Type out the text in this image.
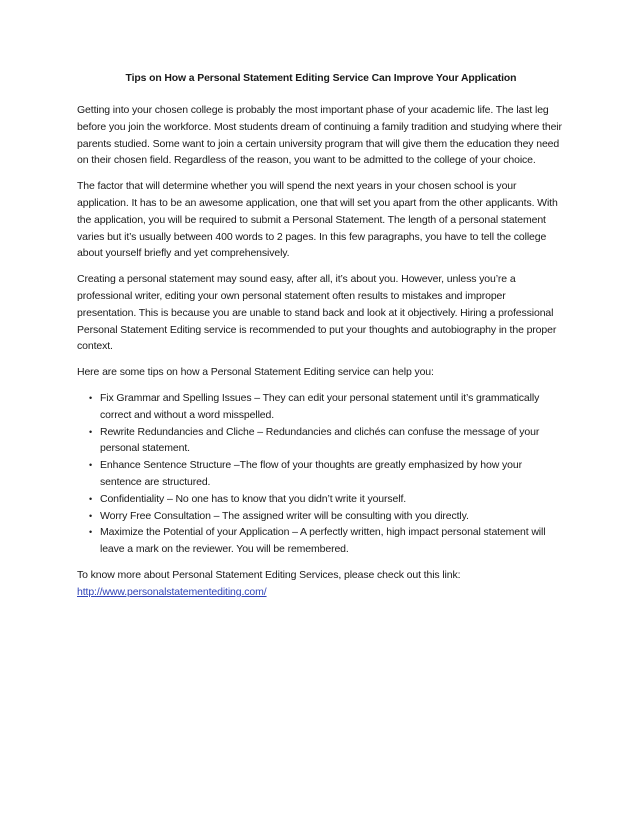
Tips on How a Personal Statement Editing Service Can Improve Your Application

Getting into your chosen college is probably the most important phase of your academic life. The last leg before you join the workforce. Most students dream of continuing a family tradition and studying where their parents studied. Some want to join a certain university program that will give them the education they need on their chosen field. Regardless of the reason, you want to be admitted to the college of your choice.

The factor that will determine whether you will spend the next years in your chosen school is your application. It has to be an awesome application, one that will set you apart from the other applicants. With the application, you will be required to submit a Personal Statement. The length of a personal statement varies but it’s usually between 400 words to 2 pages. In this few paragraphs, you have to tell the college about yourself briefly and yet comprehensively.

Creating a personal statement may sound easy, after all, it’s about you. However, unless you’re a professional writer, editing your own personal statement often results to mistakes and improper presentation. This is because you are unable to stand back and look at it objectively. Hiring a professional Personal Statement Editing service is recommended to put your thoughts and autobiography in the proper context.

Here are some tips on how a Personal Statement Editing service can help you:

• Fix Grammar and Spelling Issues – They can edit your personal statement until it’s grammatically correct and without a word misspelled.
• Rewrite Redundancies and Cliche – Redundancies and clichés can confuse the message of your personal statement.
• Enhance Sentence Structure –The flow of your thoughts are greatly emphasized by how your sentence are structured.
• Confidentiality – No one has to know that you didn’t write it yourself.
• Worry Free Consultation – The assigned writer will be consulting with you directly.
• Maximize the Potential of your Application – A perfectly written, high impact personal statement will leave a mark on the reviewer. You will be remembered.

To know more about Personal Statement Editing Services, please check out this link:
http://www.personalstatementediting.com/
